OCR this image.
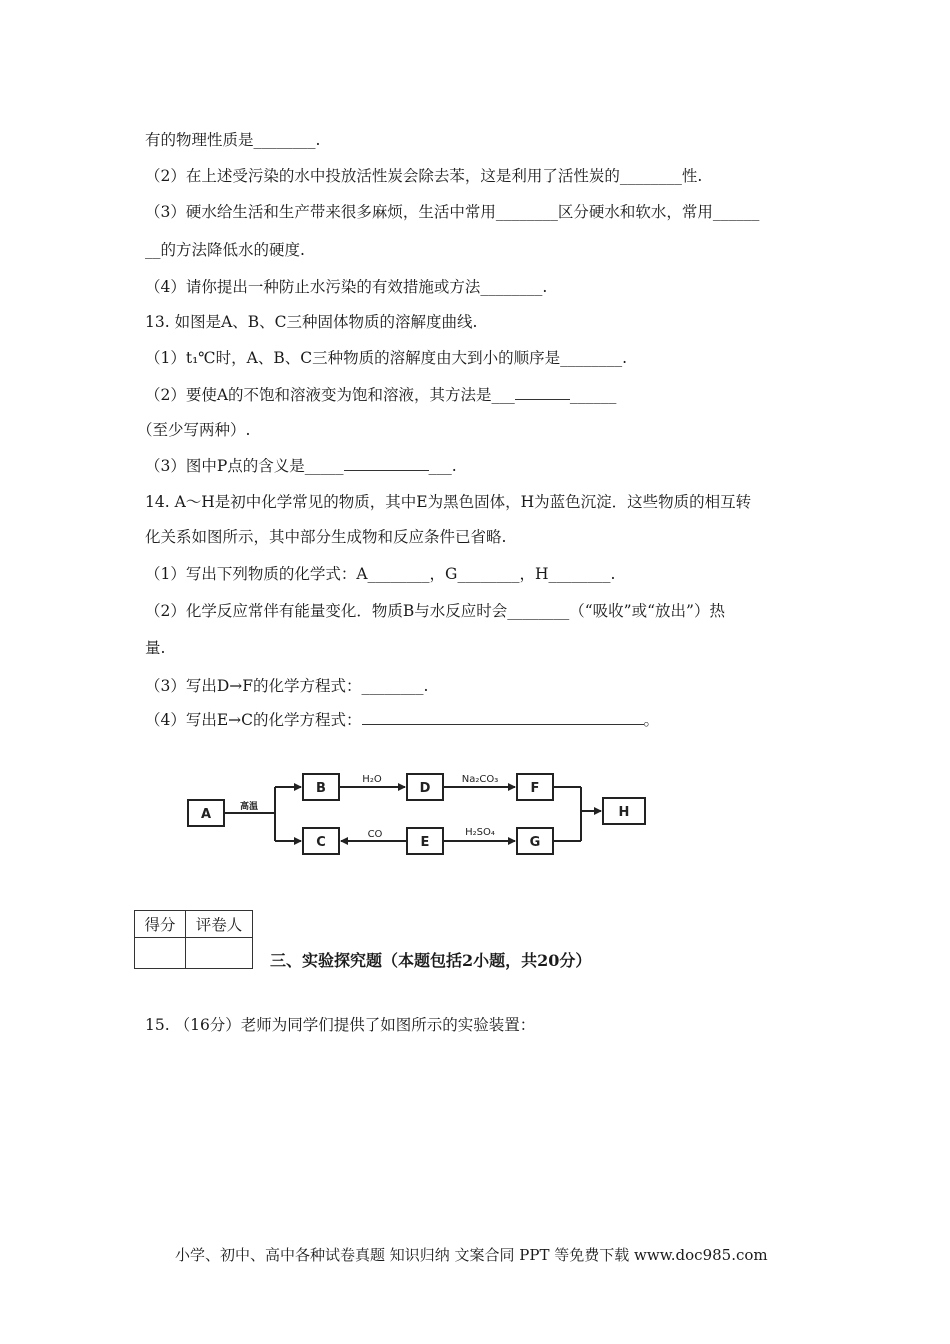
有的物理性质是________.
（2）在上述受污染的水中投放活性炭会除去苯，这是利用了活性炭的________性.
（3）硬水给生活和生产带来很多麻烦，生活中常用________区分硬水和软水，常用______
__的方法降低水的硬度.
（4）请你提出一种防止水污染的有效措施或方法________.
13. 如图是A、B、C三种固体物质的溶解度曲线.
（1）t₁℃时，A、B、C三种物质的溶解度由大到小的顺序是________.
（2）要使A的不饱和溶液变为饱和溶液，其方法是___	______
（至少写两种）.
（3）图中P点的含义是_____	___.
14. A～H是初中化学常见的物质，其中E为黑色固体，H为蓝色沉淀．这些物质的相互转
化关系如图所示，其中部分生成物和反应条件已省略.
（1）写出下列物质的化学式：A________，G________，H________.
（2）化学反应常伴有能量变化．物质B与水反应时会________（“吸收”或“放出”）热
量.
（3）写出D→F的化学方程式：________.
（4）写出E→C的化学方程式：	。
A
B	D	F
C	E	G
H
高温
H₂O	Na₂CO₃
CO	H₂SO₄
得分	评卷人

三、实验探究题（本题包括2小题，共20分）
15. （16分）老师为同学们提供了如图所示的实验装置：
小学、初中、高中各种试卷真题 知识归纳 文案合同 PPT 等免费下载 www.doc985.com
